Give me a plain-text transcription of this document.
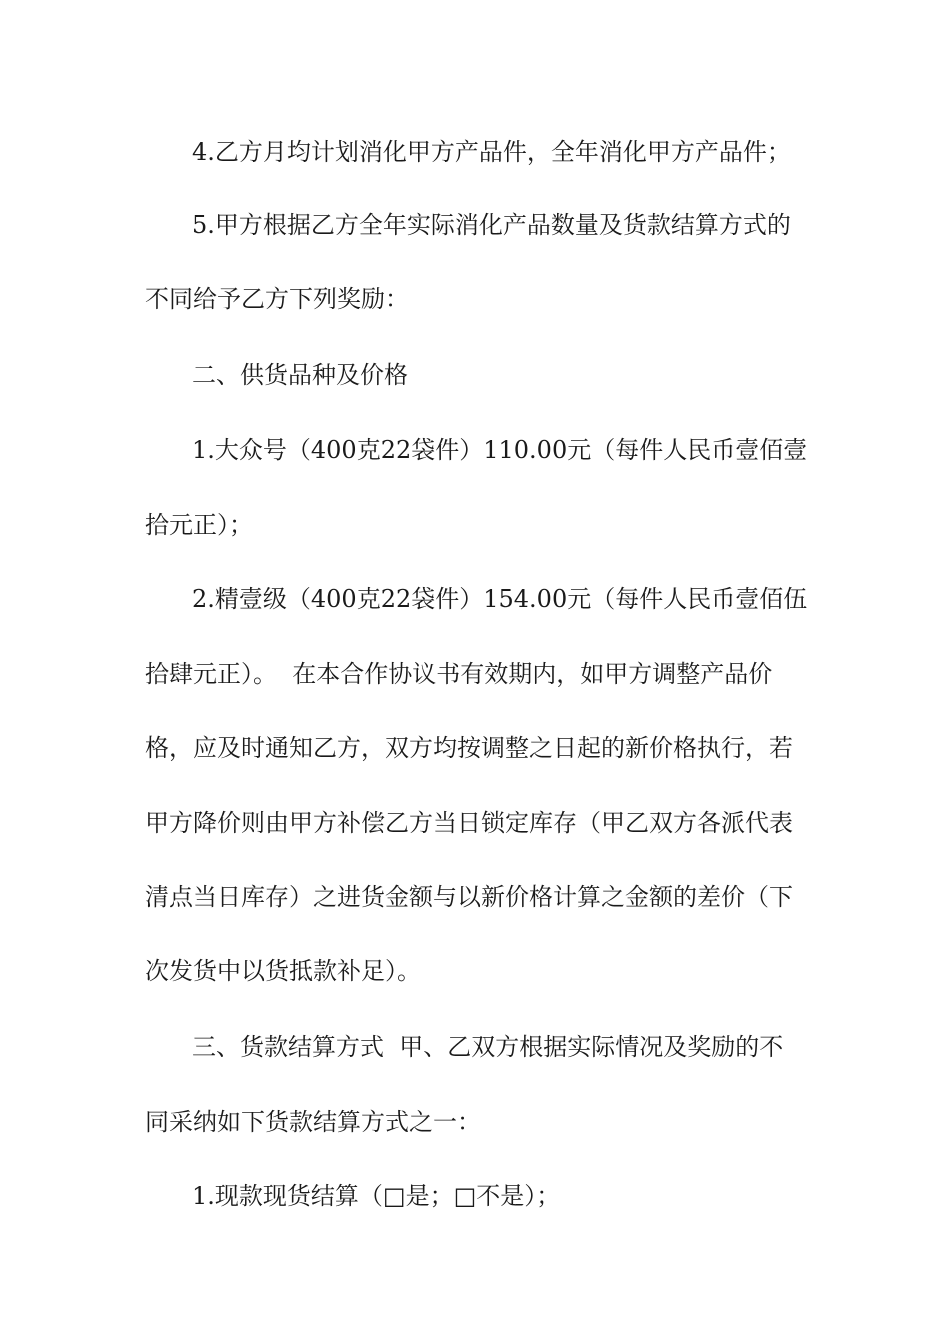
4.乙方月均计划消化甲方产品件，全年消化甲方产品件；
5.甲方根据乙方全年实际消化产品数量及货款结算方式的
不同给予乙方下列奖励：
二、供货品种及价格
1.大众号（400克22袋件）110.00元（每件人民币壹佰壹
拾元正）；
2.精壹级（400克22袋件）154.00元（每件人民币壹佰伍
拾肆元正）。  在本合作协议书有效期内，如甲方调整产品价
格，应及时通知乙方，双方均按调整之日起的新价格执行，若
甲方降价则由甲方补偿乙方当日锁定库存（甲乙双方各派代表
清点当日库存）之进货金额与以新价格计算之金额的差价（下
次发货中以货抵款补足）。
三、货款结算方式  甲、乙双方根据实际情况及奖励的不
同采纳如下货款结算方式之一：
1.现款现货结算（□是；□不是）；
